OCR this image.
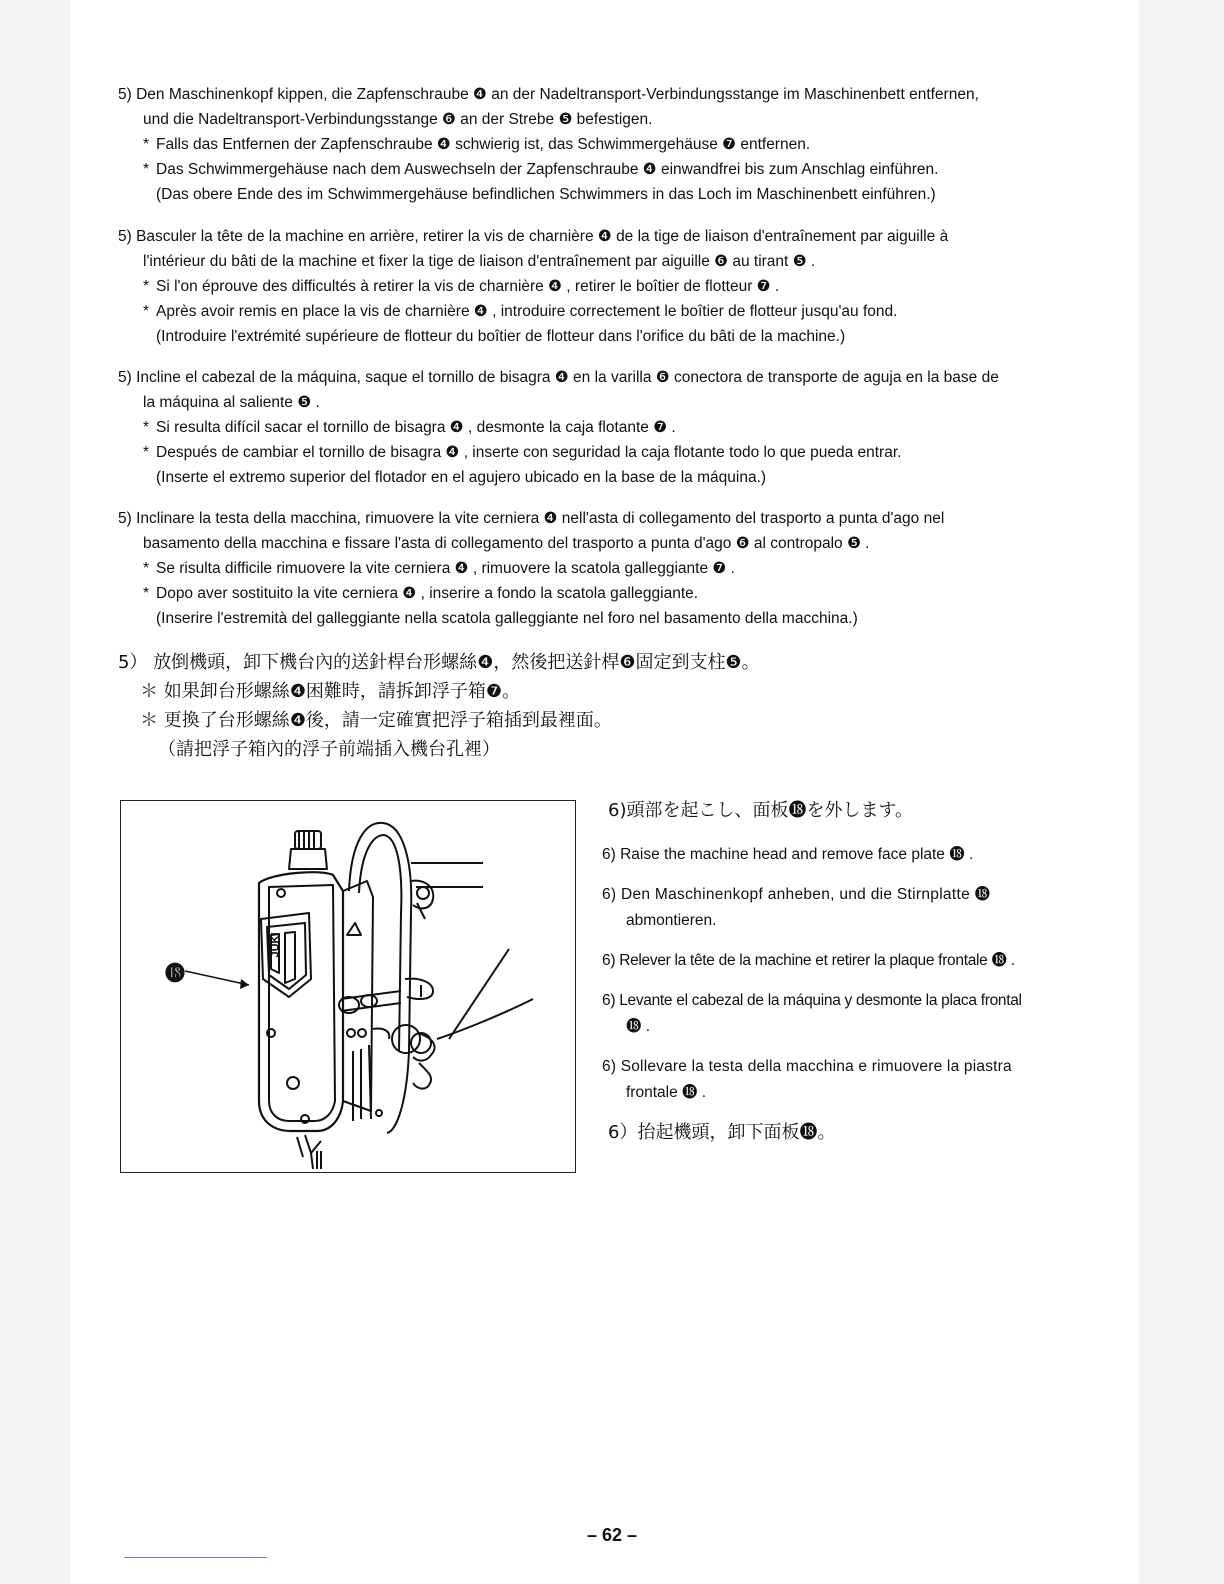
5) Den Maschinenkopf kippen, die Zapfenschraube ❹ an der Nadeltransport-Verbindungsstange im Maschinenbett entfernen,
und die Nadeltransport-Verbindungsstange ❻ an der Strebe ❺ befestigen.
* Falls das Entfernen der Zapfenschraube ❹ schwierig ist, das Schwimmergehäuse ❼ entfernen.
* Das Schwimmergehäuse nach dem Auswechseln der Zapfenschraube ❹ einwandfrei bis zum Anschlag einführen.
(Das obere Ende des im Schwimmergehäuse befindlichen Schwimmers in das Loch im Maschinenbett einführen.)
5) Basculer la tête de la machine en arrière, retirer la vis de charnière ❹ de la tige de liaison d'entraînement par aiguille à
l'intérieur du bâti de la machine et fixer la tige de liaison d'entraînement par aiguille ❻ au tirant ❺ .
* Si l'on éprouve des difficultés à retirer la vis de charnière ❹ , retirer le boîtier de flotteur ❼ .
* Après avoir remis en place la vis de charnière ❹ , introduire correctement le boîtier de flotteur jusqu'au fond.
(Introduire l'extrémité supérieure de flotteur du boîtier de flotteur dans l'orifice du bâti de la machine.)
5) Incline el cabezal de la máquina, saque el tornillo de bisagra ❹ en la varilla ❻ conectora de transporte de aguja en la base de
la máquina al saliente ❺ .
* Si resulta difícil sacar el tornillo de bisagra ❹ , desmonte la caja flotante ❼ .
* Después de cambiar el tornillo de bisagra ❹ , inserte con seguridad la caja flotante todo lo que pueda entrar.
(Inserte el extremo superior del flotador en el agujero ubicado en la base de la máquina.)
5) Inclinare la testa della macchina, rimuovere la vite cerniera ❹ nell'asta di collegamento del trasporto a punta d'ago nel
basamento della macchina e fissare l'asta di collegamento del trasporto a punta d'ago ❻ al contropalo ❺ .
* Se risulta difficile rimuovere la vite cerniera ❹ , rimuovere la scatola galleggiante ❼ .
* Dopo aver sostituito la vite cerniera ❹ , inserire a fondo la scatola galleggiante.
(Inserire l'estremità del galleggiante nella scatola galleggiante nel foro nel basamento della macchina.)
5） 放倒機頭，卸下機台內的送針桿台形螺絲❹，然後把送針桿❻固定到支柱❺。
＊ 如果卸台形螺絲❹困難時，請拆卸浮子箱❼。
＊ 更換了台形螺絲❹後，請一定確實把浮子箱插到最裡面。
（請把浮子箱內的浮子前端插入機台孔裡）
⓲
JUKI
6)頭部を起こし、面板⓲を外します。
6) Raise the machine head and remove face plate ⓲ .
6) Den Maschinenkopf anheben, und die Stirnplatte ⓲
abmontieren.
6) Relever la tête de la machine et retirer la plaque frontale ⓲ .
6) Levante el cabezal de la máquina y desmonte la placa frontal
⓲ .
6) Sollevare la testa della macchina e rimuovere la piastra
frontale ⓲ .
6）抬起機頭，卸下面板⓲。
– 62 –
